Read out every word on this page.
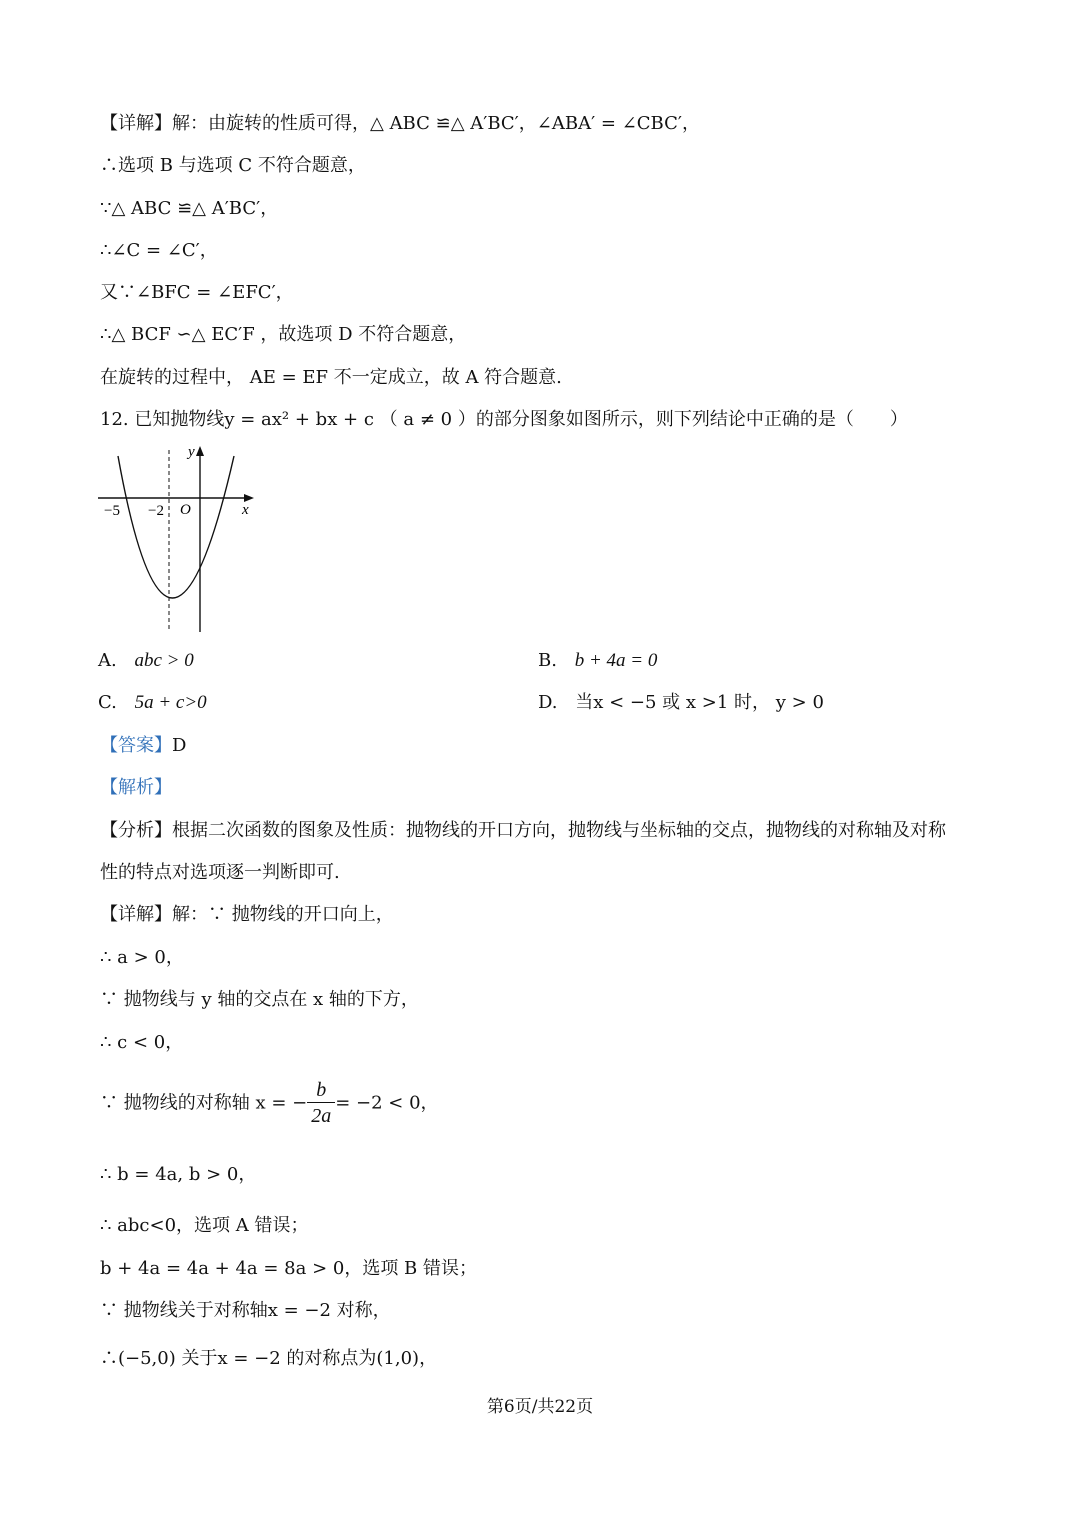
【详解】解：由旋转的性质可得，△ ABC ≌△ A′BC′，∠ABA′ = ∠CBC′，
∴选项 B 与选项 C 不符合题意，
∵△ ABC ≌△ A′BC′，
∴∠C = ∠C′，
又∵∠BFC = ∠EFC′，
∴△ BCF ∽△ EC′F ，故选项 D 不符合题意，
在旋转的过程中， AE = EF 不一定成立，故 A 符合题意.
12. 已知抛物线y = ax² + bx + c （ a ≠ 0 ）的部分图象如图所示，则下列结论中正确的是（　　）
y
x
O
−5 −2
A. abc > 0	B. b + 4a = 0
C. 5a + c>0	D. 当x < −5 或 x >1 时， y > 0
【答案】D
【解析】
【分析】根据二次函数的图象及性质：抛物线的开口方向，抛物线与坐标轴的交点，抛物线的对称轴及对称
性的特点对选项逐一判断即可.
【详解】解：∵ 抛物线的开口向上，
∴ a > 0，
∵ 抛物线与 y 轴的交点在 x 轴的下方，
∴ c < 0，
∵ 抛物线的对称轴 x = − $\frac{b}{2a} = -2 < 0$，
∴ b = 4a, b > 0，
∴ abc<0，选项 A 错误；
b + 4a = 4a + 4a = 8a > 0，选项 B 错误；
∵ 抛物线关于对称轴x = −2 对称，
∴(−5,0) 关于x = −2 的对称点为(1,0)，
第6页/共22页
